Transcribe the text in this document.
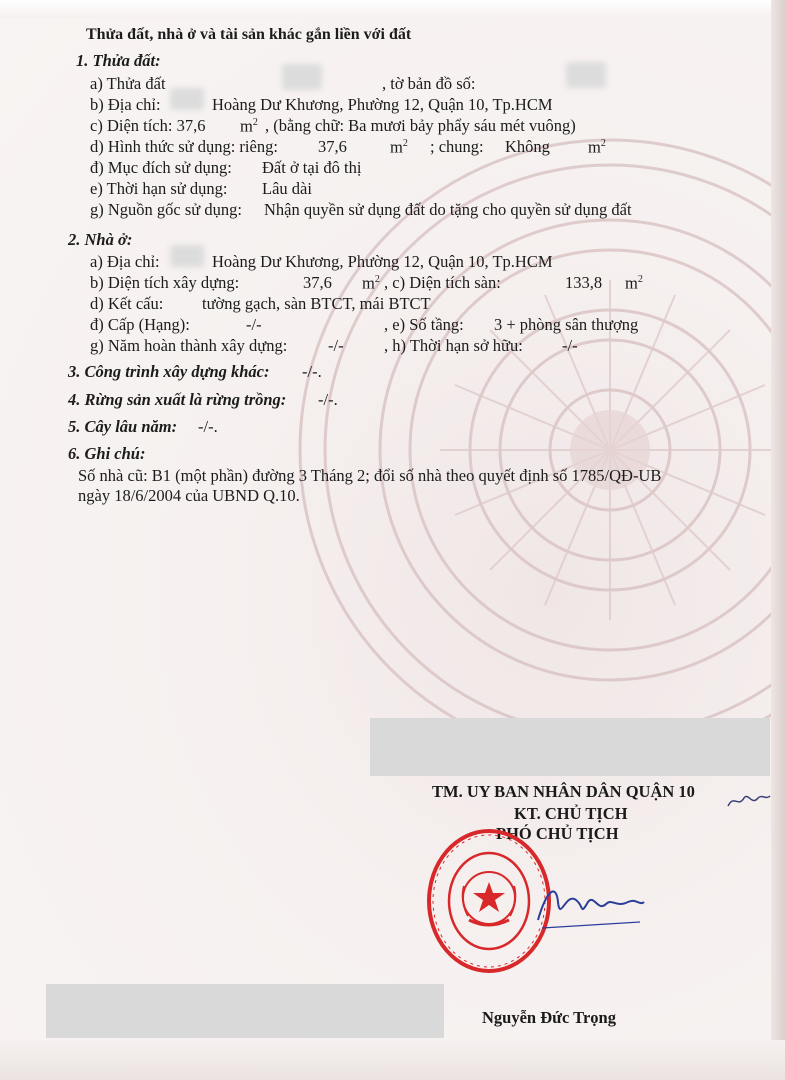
Thửa đất, nhà ở và tài sản khác gắn liền với đất
1. Thửa đất:
a) Thửa đất	, tờ bản đồ số:
b) Địa chỉ:	Hoàng Dư Khương, Phường 12, Quận 10, Tp.HCM
c) Diện tích: 37,6 $m^2$ , (bằng chữ: Ba mươi bảy phẩy sáu mét vuông)
d) Hình thức sử dụng: riêng: 37,6	$m^2$ ; chung: Không $m^2$
đ) Mục đích sử dụng: Đất ở tại đô thị
e) Thời hạn sử dụng: Lâu dài
g) Nguồn gốc sử dụng: Nhận quyền sử dụng đất do tặng cho quyền sử dụng đất
2. Nhà ở:
a) Địa chỉ:	Hoàng Dư Khương, Phường 12, Quận 10, Tp.HCM
b) Diện tích xây dựng:	37,6 $m^2$ , c) Diện tích sàn:	133,8 $m^2$
d) Kết cấu: tường gạch, sàn BTCT, mái BTCT
đ) Cấp (Hạng):	-/-	, e) Số tầng: 3 + phòng sân thượng
g) Năm hoàn thành xây dựng: -/- , h) Thời hạn sở hữu: -/-
3. Công trình xây dựng khác: -/-.
4. Rừng sản xuất là rừng trồng: -/-.
5. Cây lâu năm: -/-.
6. Ghi chú:
Số nhà cũ: B1 (một phần) đường 3 Tháng 2; đổi số nhà theo quyết định số 1785/QĐ-UB
ngày 18/6/2004 của UBND Q.10.
TM. UY BAN NHÂN DÂN QUẬN 10
KT. CHỦ TỊCH
PHÓ CHỦ TỊCH
Nguyễn Đức Trọng
